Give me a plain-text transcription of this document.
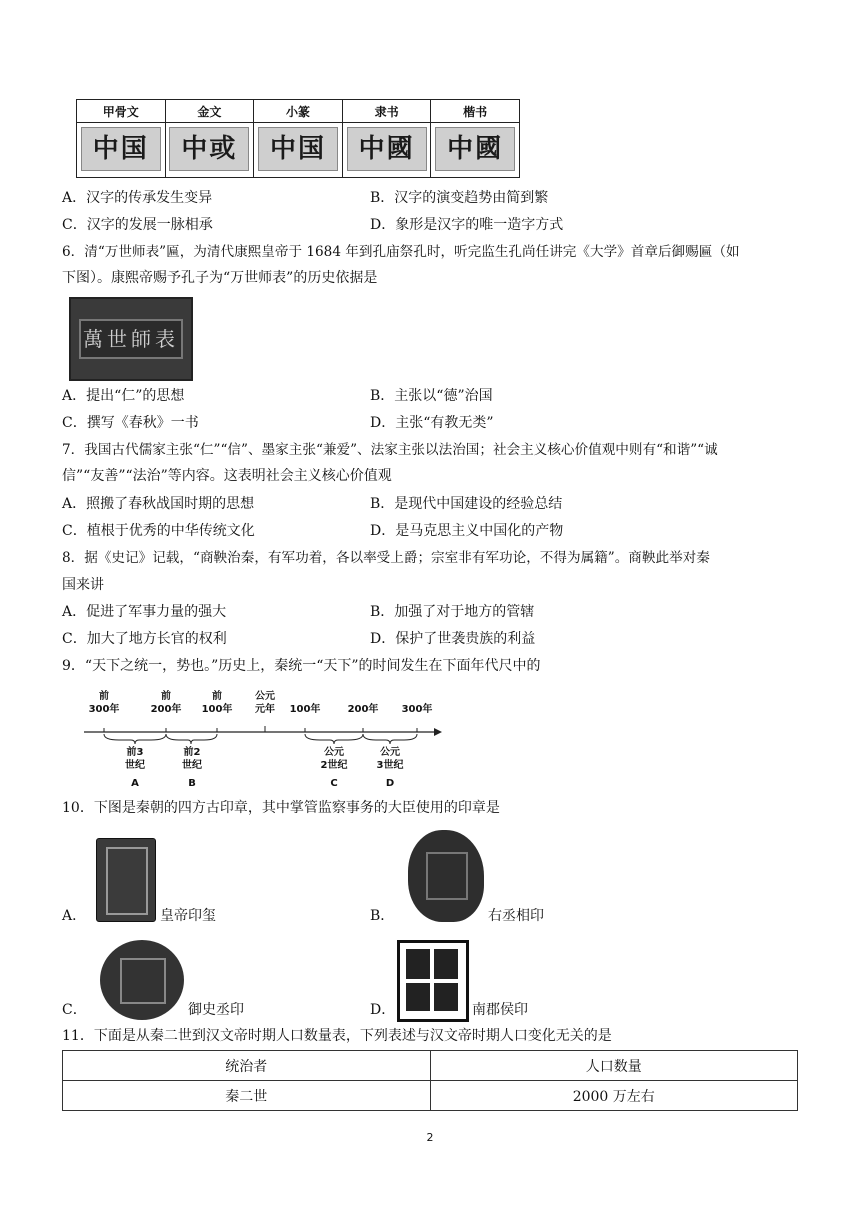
甲骨文	金文	小篆	隶书	楷书
中国	中或	中国	中國	中國
A．汉字的传承发生变异	B．汉字的演变趋势由简到繁
C．汉字的发展一脉相承	D．象形是汉字的唯一造字方式
6．清“万世师表”匾，为清代康熙皇帝于 1684 年到孔庙祭孔时，听完监生孔尚任讲完《大学》首章后御赐匾（如
下图）。康熙帝赐予孔子为“万世师表”的历史依据是
萬世師表
A．提出“仁”的思想	B．主张以“德”治国
C．撰写《春秋》一书	D．主张“有教无类”
7．我国古代儒家主张“仁”“信”、墨家主张“兼爱”、法家主张以法治国；社会主义核心价值观中则有“和谐”“诚
信”“友善”“法治”等内容。这表明社会主义核心价值观
A．照搬了春秋战国时期的思想	B．是现代中国建设的经验总结
C．植根于优秀的中华传统文化	D．是马克思主义中国化的产物
8．据《史记》记载，“商鞅治秦，有军功着，各以率受上爵；宗室非有军功论，不得为属籍”。商鞅此举对秦
国来讲
A．促进了军事力量的强大	B．加强了对于地方的管辖
C．加大了地方长官的权利	D．保护了世袭贵族的利益
9．“天下之统一，势也。”历史上，秦统一“天下”的时间发生在下面年代尺中的
前
300年
前
200年
前
100年
公元
元年	100年	200年	300年
前3
世纪
A
前2
世纪
B
公元
2世纪
C
公元
3世纪
D
10．下图是秦朝的四方古印章，其中掌管监察事务的大臣使用的印章是
A．	皇帝印玺	B．	右丞相印
C．	御史丞印	D．	南郡侯印
11．下面是从秦二世到汉文帝时期人口数量表，下列表述与汉文帝时期人口变化无关的是
统治者	人口数量
秦二世	2000 万左右
2
